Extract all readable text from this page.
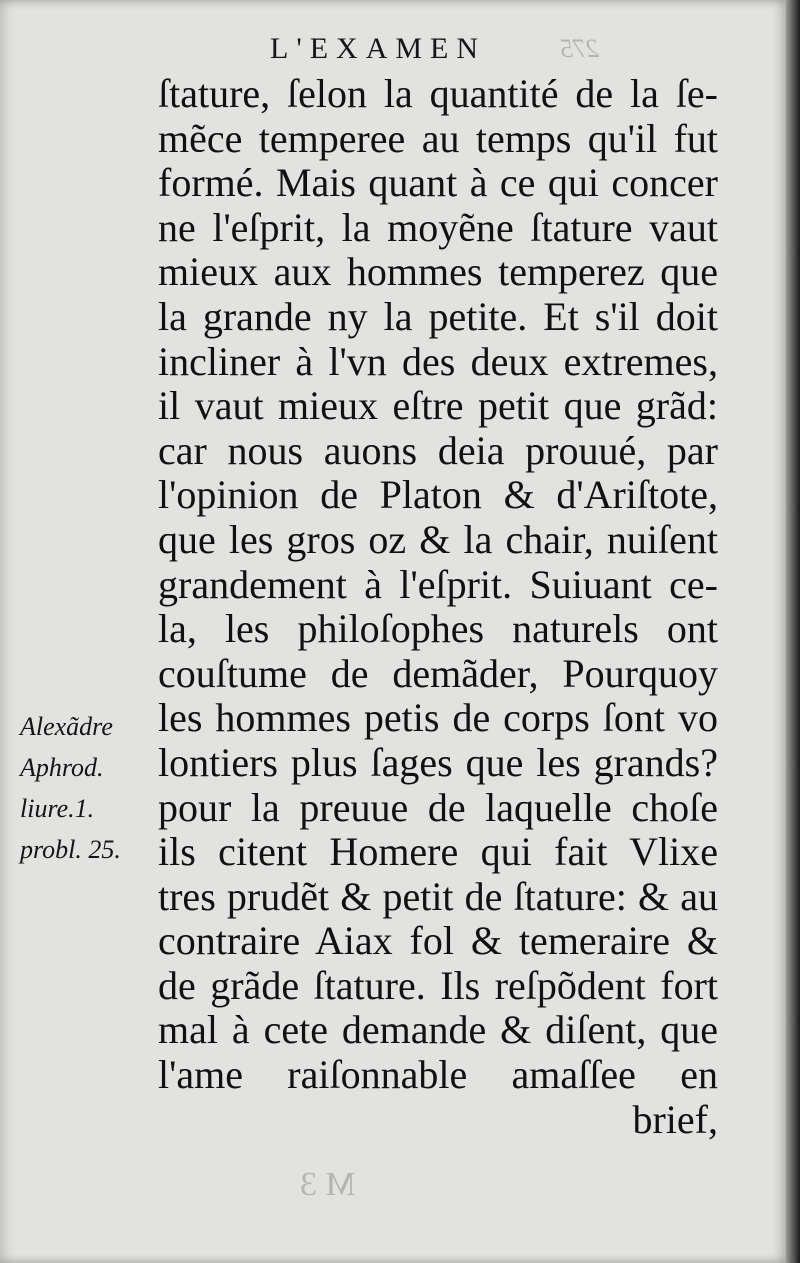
275
M 3
L'EXAMEN
Alexãdre
Aphrod.
liure.1.
probl. 25.
ſtature, ſelon la quantité de la ſe-
mẽce temperee au temps qu'il fut
formé. Mais quant à ce qui concer
ne l'eſprit, la moyẽne ſtature vaut
mieux aux hommes temperez que
la grande ny la petite. Et s'il doit
incliner à l'vn des deux extremes,
il vaut mieux eſtre petit que grãd:
car nous auons deia prouué, par
l'opinion de Platon & d'Ariſtote,
que les gros oz & la chair, nuiſent
grandement à l'eſprit. Suiuant ce-
la, les philoſophes naturels ont
couſtume de demãder, Pourquoy
les hommes petis de corps ſont vo
lontiers plus ſages que les grands?
pour la preuue de laquelle choſe
ils citent Homere qui fait Vlixe
tres prudẽt & petit de ſtature: & au
contraire Aiax fol & temeraire &
de grãde ſtature. Ils reſpõdent fort
mal à cete demande & diſent, que
l'ame raiſonnable amaſſee en
brief,
